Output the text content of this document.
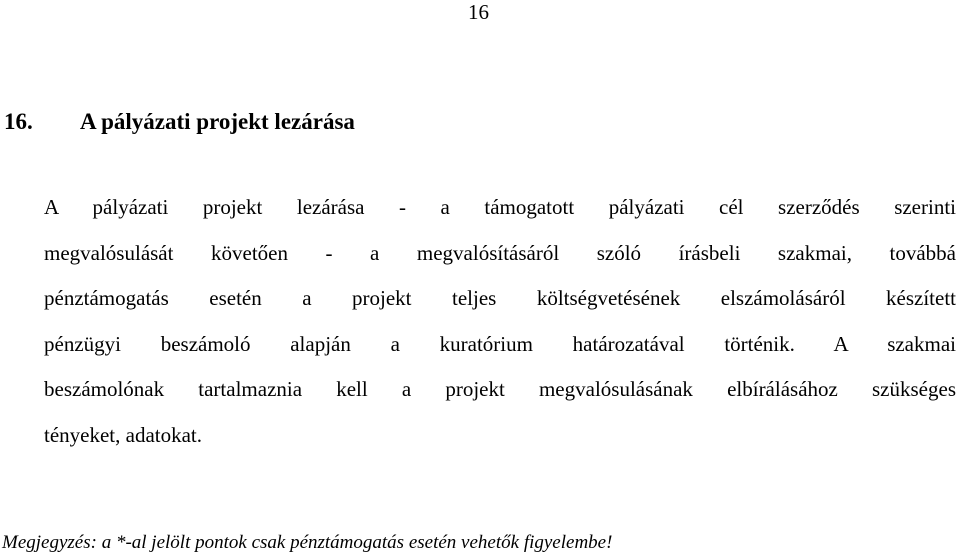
16
16. A pályázati projekt lezárása
A pályázati projekt lezárása - a támogatott pályázati cél szerződés szerinti
megvalósulását követően - a megvalósításáról szóló írásbeli szakmai, továbbá
pénztámogatás esetén a projekt teljes költségvetésének elszámolásáról készített
pénzügyi beszámoló alapján a kuratórium határozatával történik. A szakmai
beszámolónak tartalmaznia kell a projekt megvalósulásának elbírálásához szükséges
tényeket, adatokat.
Megjegyzés: a *-al jelölt pontok csak pénztámogatás esetén vehetők figyelembe!
